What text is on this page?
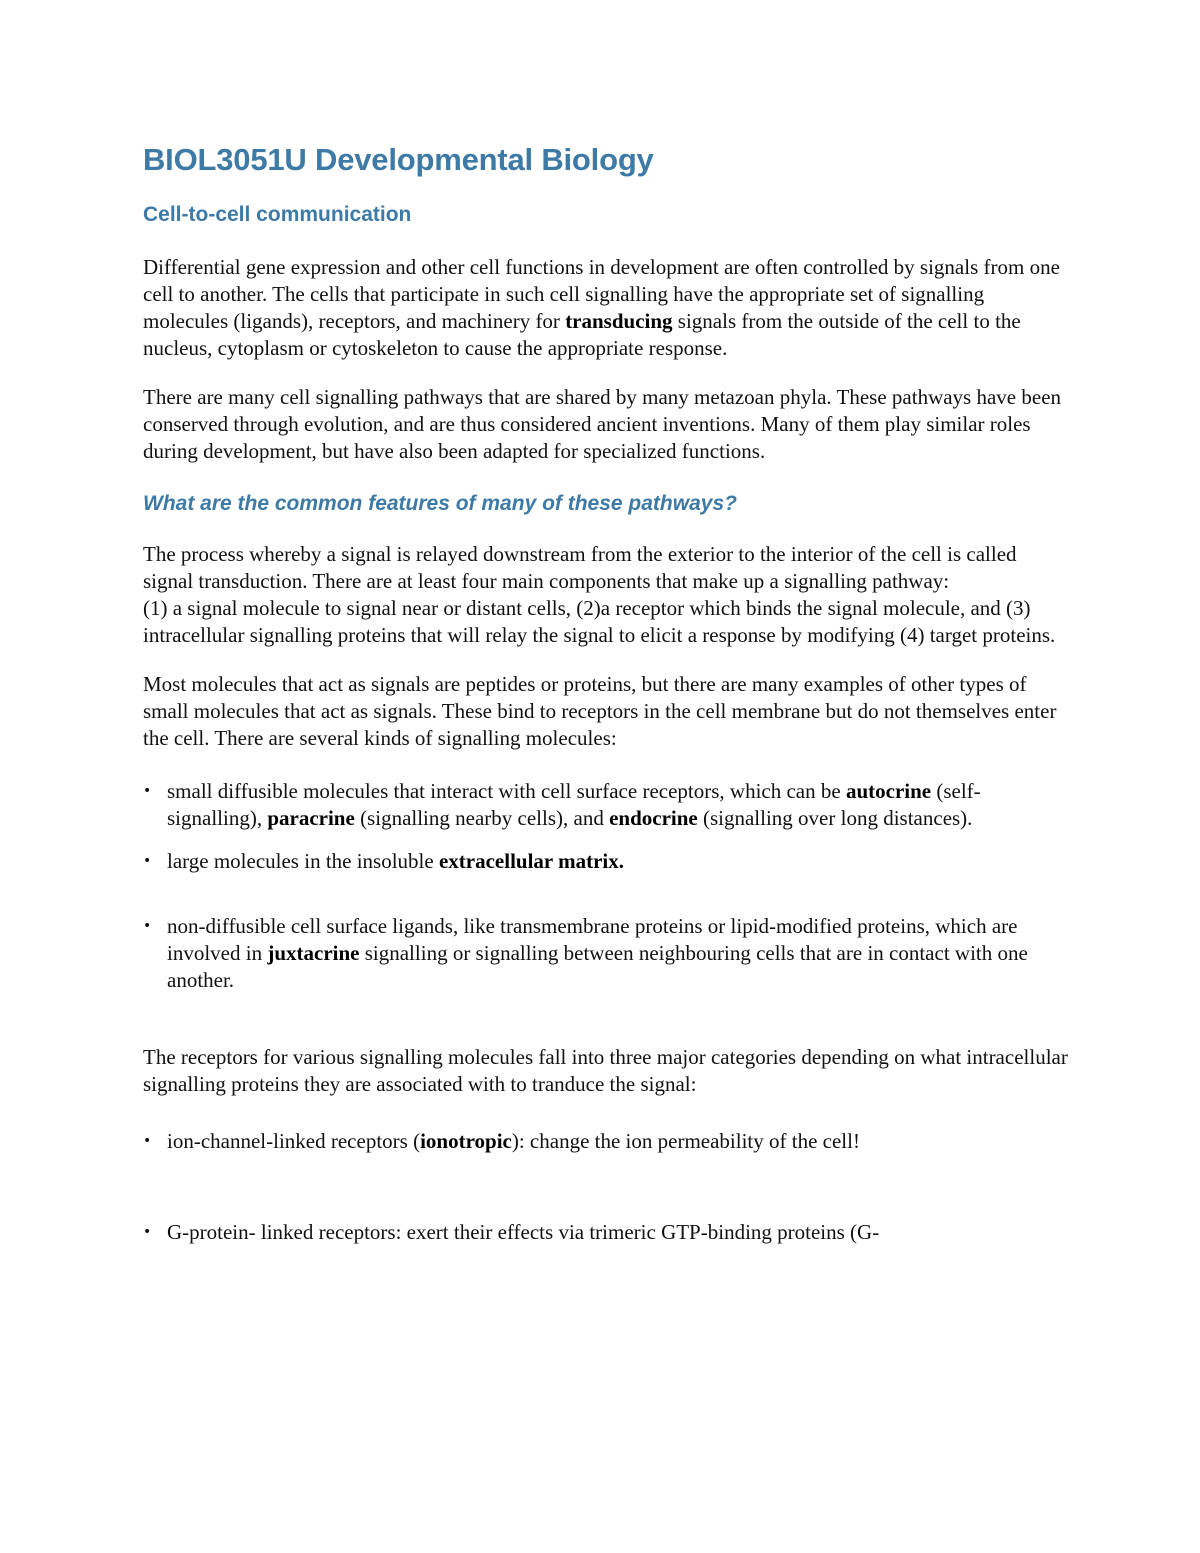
BIOL3051U Developmental Biology
Cell-to-cell communication

Differential gene expression and other cell functions in development are often controlled by signals from one cell to another. The cells that participate in such cell signalling have the appropriate set of signalling molecules (ligands), receptors, and machinery for transducing signals from the outside of the cell to the nucleus, cytoplasm or cytoskeleton to cause the appropriate response.

There are many cell signalling pathways that are shared by many metazoan phyla. These pathways have been conserved through evolution, and are thus considered ancient inventions. Many of them play similar roles during development, but have also been adapted for specialized functions.

What are the common features of many of these pathways?

The process whereby a signal is relayed downstream from the exterior to the interior of the cell is called signal transduction. There are at least four main components that make up a signalling pathway:

(1) a signal molecule to signal near or distant cells, (2)a receptor which binds the signal molecule, and (3) intracellular signalling proteins that will relay the signal to elicit a response by modifying (4) target proteins.

Most molecules that act as signals are peptides or proteins, but there are many examples of other types of small molecules that act as signals. These bind to receptors in the cell membrane but do not themselves enter the cell. There are several kinds of signalling molecules:

• small diffusible molecules that interact with cell surface receptors, which can be autocrine (self-signalling), paracrine (signalling nearby cells), and endocrine (signalling over long distances).
• large molecules in the insoluble extracellular matrix.
• non-diffusible cell surface ligands, like transmembrane proteins or lipid-modified proteins, which are involved in juxtacrine signalling or signalling between neighbouring cells that are in contact with one another.

The receptors for various signalling molecules fall into three major categories depending on what intracellular signalling proteins they are associated with to tranduce the signal:

• ion-channel-linked receptors (ionotropic): change the ion permeability of the cell!
• G-protein- linked receptors: exert their effects via trimeric GTP-binding proteins (G-
